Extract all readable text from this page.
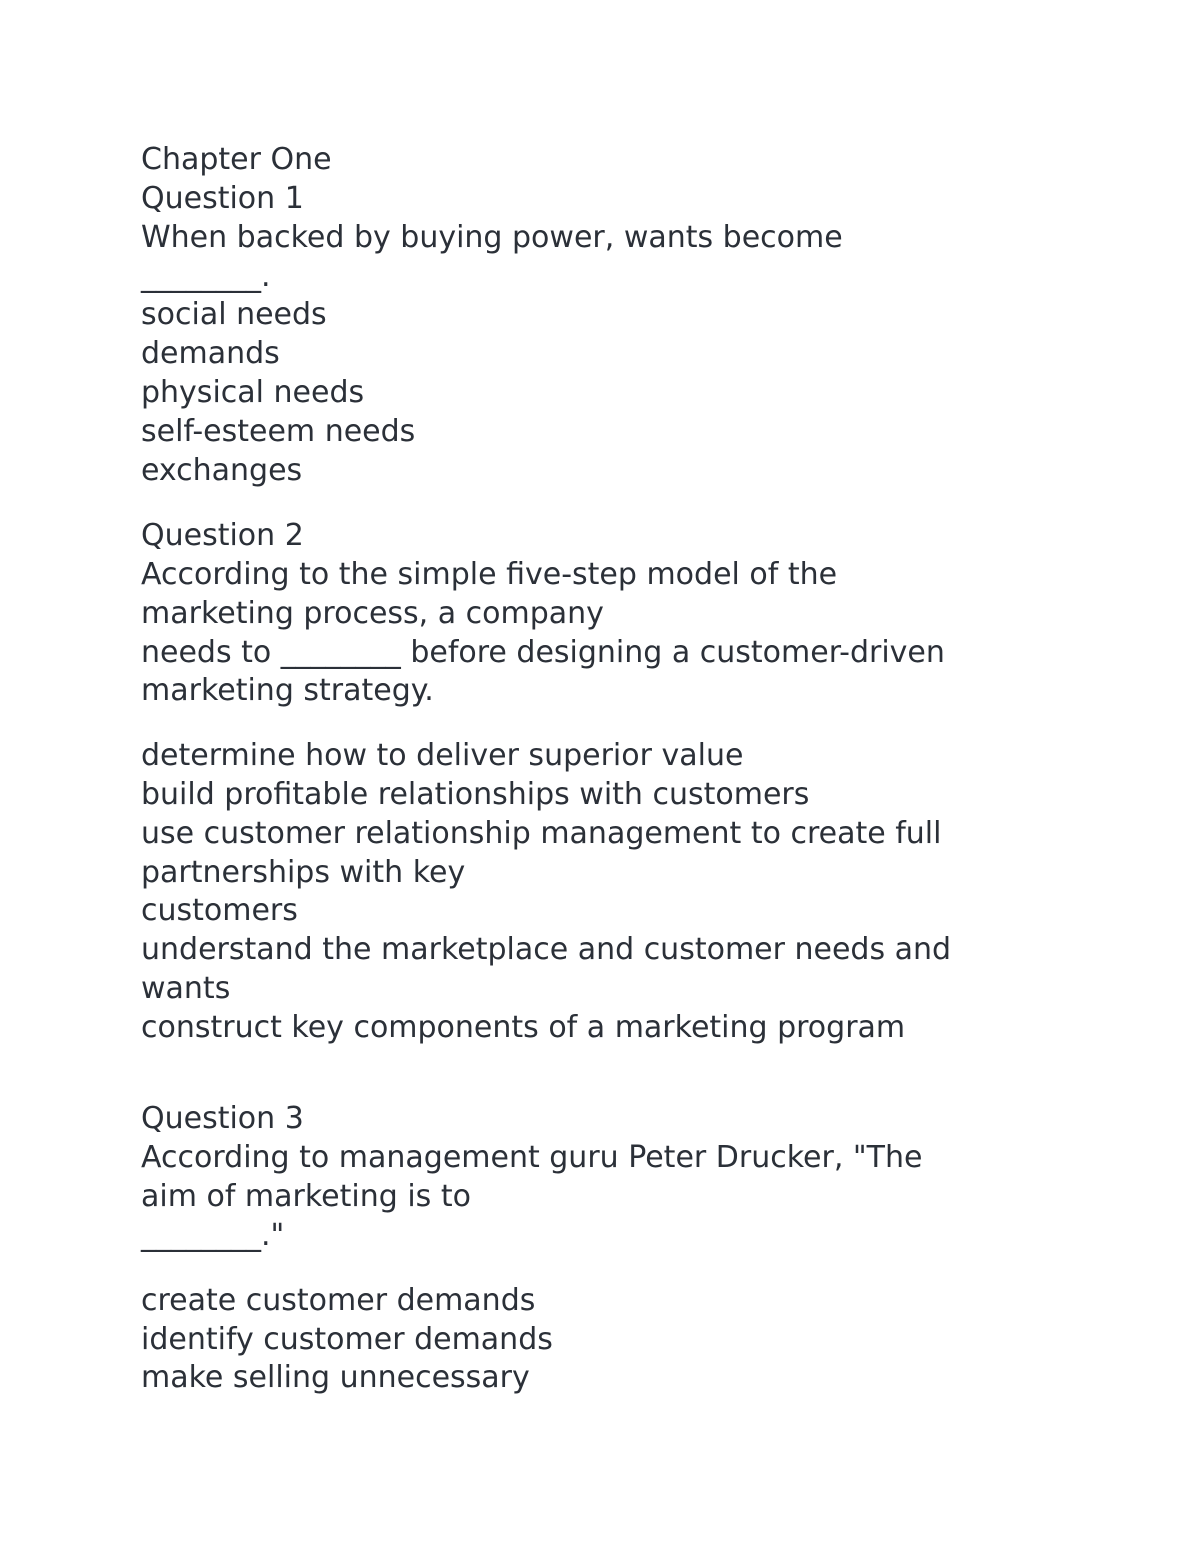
Chapter One

Question 1

When backed by buying power, wants become

________.

social needs

demands

physical needs

self-esteem needs

exchanges

Question 2

According to the simple five-step model of the

marketing process, a company

needs to ________ before designing a customer-driven

marketing strategy.

determine how to deliver superior value

build profitable relationships with customers

use customer relationship management to create full

partnerships with key

customers

understand the marketplace and customer needs and

wants

construct key components of a marketing program

Question 3

According to management guru Peter Drucker, "The

aim of marketing is to

________."

create customer demands

identify customer demands

make selling unnecessary
